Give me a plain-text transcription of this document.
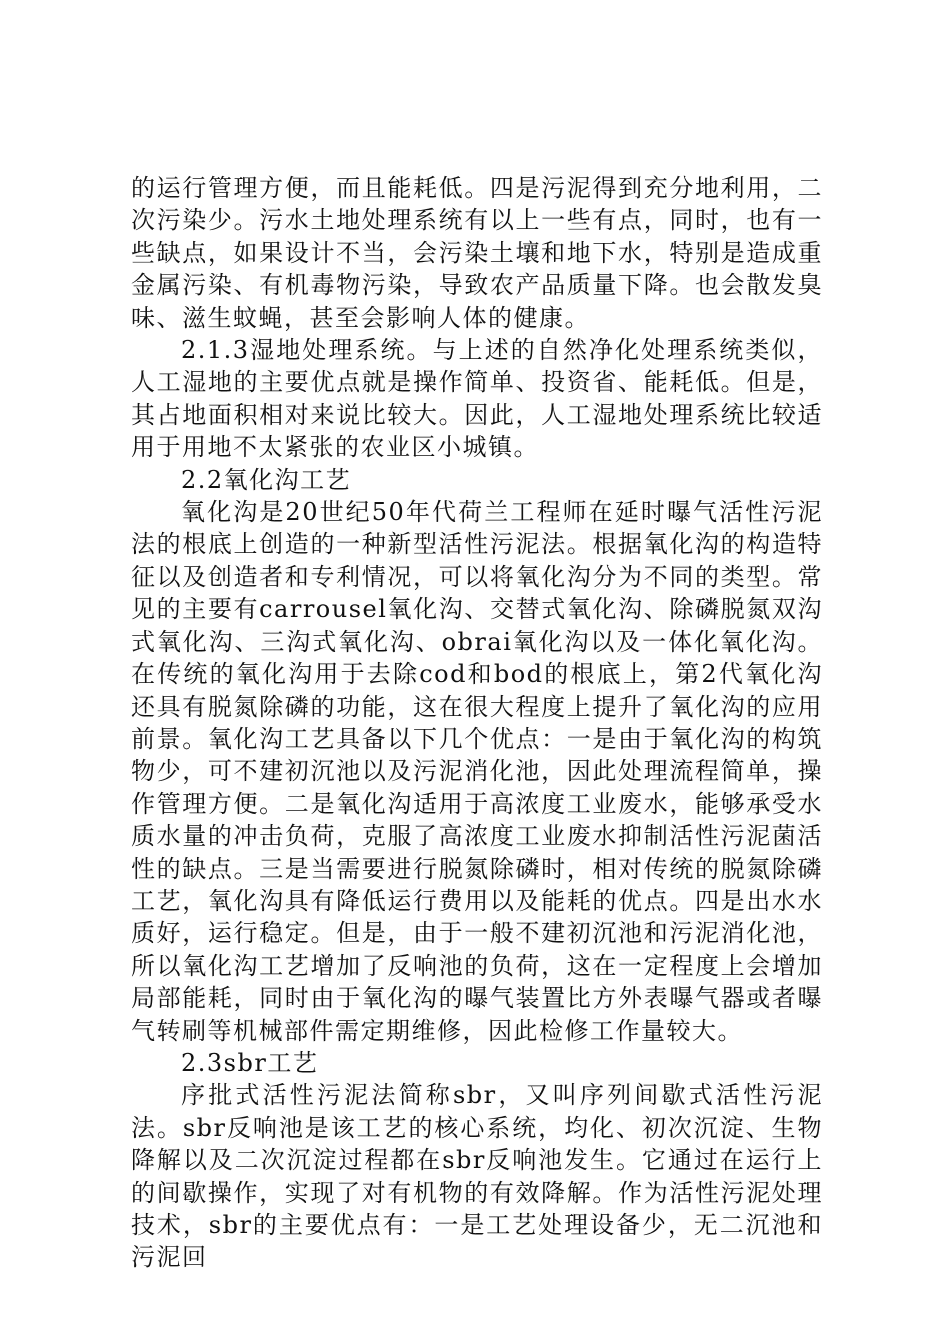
的运行管理方便，而且能耗低。四是污泥得到充分地利用，二次污染少。污水土地处理系统有以上一些有点，同时，也有一些缺点，如果设计不当，会污染土壤和地下水，特别是造成重金属污染、有机毒物污染，导致农产品质量下降。也会散发臭味、滋生蚊蝇，甚至会影响人体的健康。

2.1.3湿地处理系统。与上述的自然净化处理系统类似，人工湿地的主要优点就是操作简单、投资省、能耗低。但是，其占地面积相对来说比较大。因此，人工湿地处理系统比较适用于用地不太紧张的农业区小城镇。

2.2氧化沟工艺

氧化沟是20世纪50年代荷兰工程师在延时曝气活性污泥法的根底上创造的一种新型活性污泥法。根据氧化沟的构造特征以及创造者和专利情况，可以将氧化沟分为不同的类型。常见的主要有carrousel氧化沟、交替式氧化沟、除磷脱氮双沟式氧化沟、三沟式氧化沟、obrai氧化沟以及一体化氧化沟。在传统的氧化沟用于去除cod和bod的根底上，第2代氧化沟还具有脱氮除磷的功能，这在很大程度上提升了氧化沟的应用前景。氧化沟工艺具备以下几个优点：一是由于氧化沟的构筑物少，可不建初沉池以及污泥消化池，因此处理流程简单，操作管理方便。二是氧化沟适用于高浓度工业废水，能够承受水质水量的冲击负荷，克服了高浓度工业废水抑制活性污泥菌活性的缺点。三是当需要进行脱氮除磷时，相对传统的脱氮除磷工艺，氧化沟具有降低运行费用以及能耗的优点。四是出水水质好，运行稳定。但是，由于一般不建初沉池和污泥消化池，所以氧化沟工艺增加了反响池的负荷，这在一定程度上会增加局部能耗，同时由于氧化沟的曝气装置比方外表曝气器或者曝气转刷等机械部件需定期维修，因此检修工作量较大。

2.3sbr工艺

序批式活性污泥法简称sbr，又叫序列间歇式活性污泥法。sbr反响池是该工艺的核心系统，均化、初次沉淀、生物降解以及二次沉淀过程都在sbr反响池发生。它通过在运行上的间歇操作，实现了对有机物的有效降解。作为活性污泥处理技术，sbr的主要优点有：一是工艺处理设备少，无二沉池和污泥回
